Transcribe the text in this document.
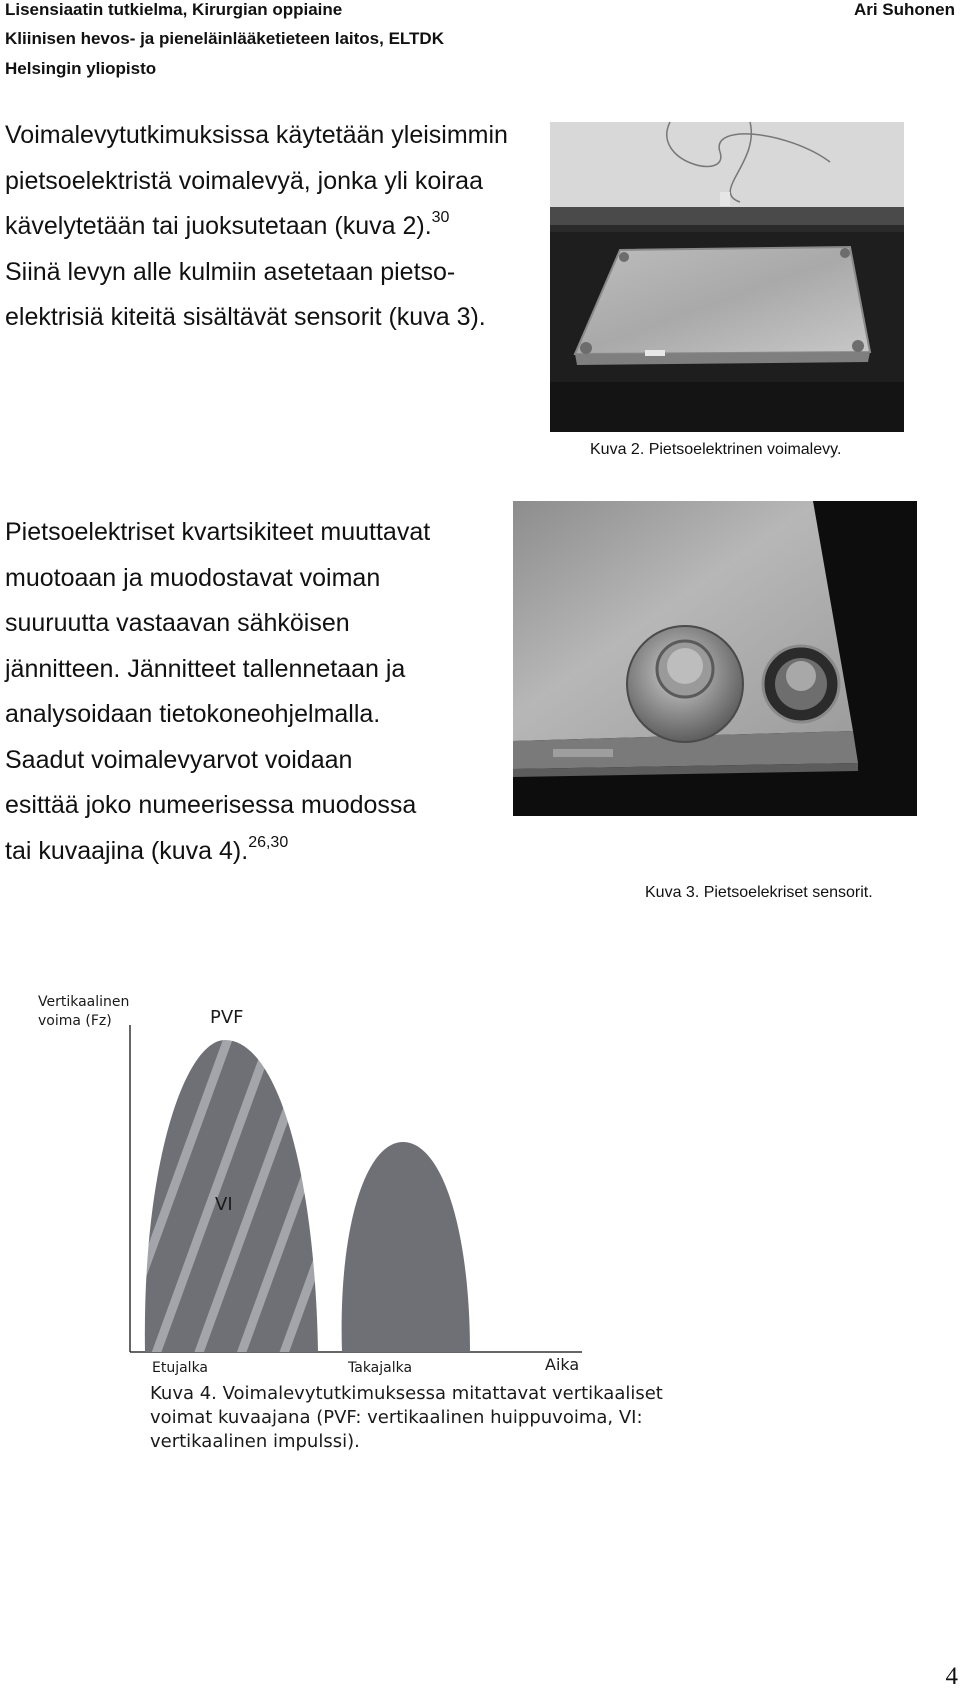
Lisensiaatin tutkielma, Kirurgian oppiaine
Kliinisen hevos- ja pieneläinlääketieteen laitos, ELTDK
Helsingin yliopisto
Ari Suhonen
Voimalevytutkimuksissa käytetään yleisimmin
pietsoelektristä voimalevyä, jonka yli koiraa
kävelytetään tai juoksutetaan (kuva 2).$^{30}$
Siinä levyn alle kulmiin asetetaan pietso-
elektrisiä kiteitä sisältävät sensorit (kuva 3).
Kuva 2. Pietsoelektrinen voimalevy.
Pietsoelektriset kvartsikiteet muuttavat
muotoaan ja muodostavat voiman
suuruutta vastaavan sähköisen
jännitteen. Jännitteet tallennetaan ja
analysoidaan tietokoneohjelmalla.
Saadut voimalevyarvot voidaan
esittää joko numeerisessa muodossa
tai kuvaajina (kuva 4).$^{26,30}$
Kuva 3. Pietsoelekriset sensorit.
Vertikaalinen
voima (Fz)	PVF
VI
Etujalka	Takajalka	Aika
Kuva 4. Voimalevytutkimuksessa mitattavat vertikaaliset
voimat kuvaajana (PVF: vertikaalinen huippuvoima, VI:
vertikaalinen impulssi).
4
